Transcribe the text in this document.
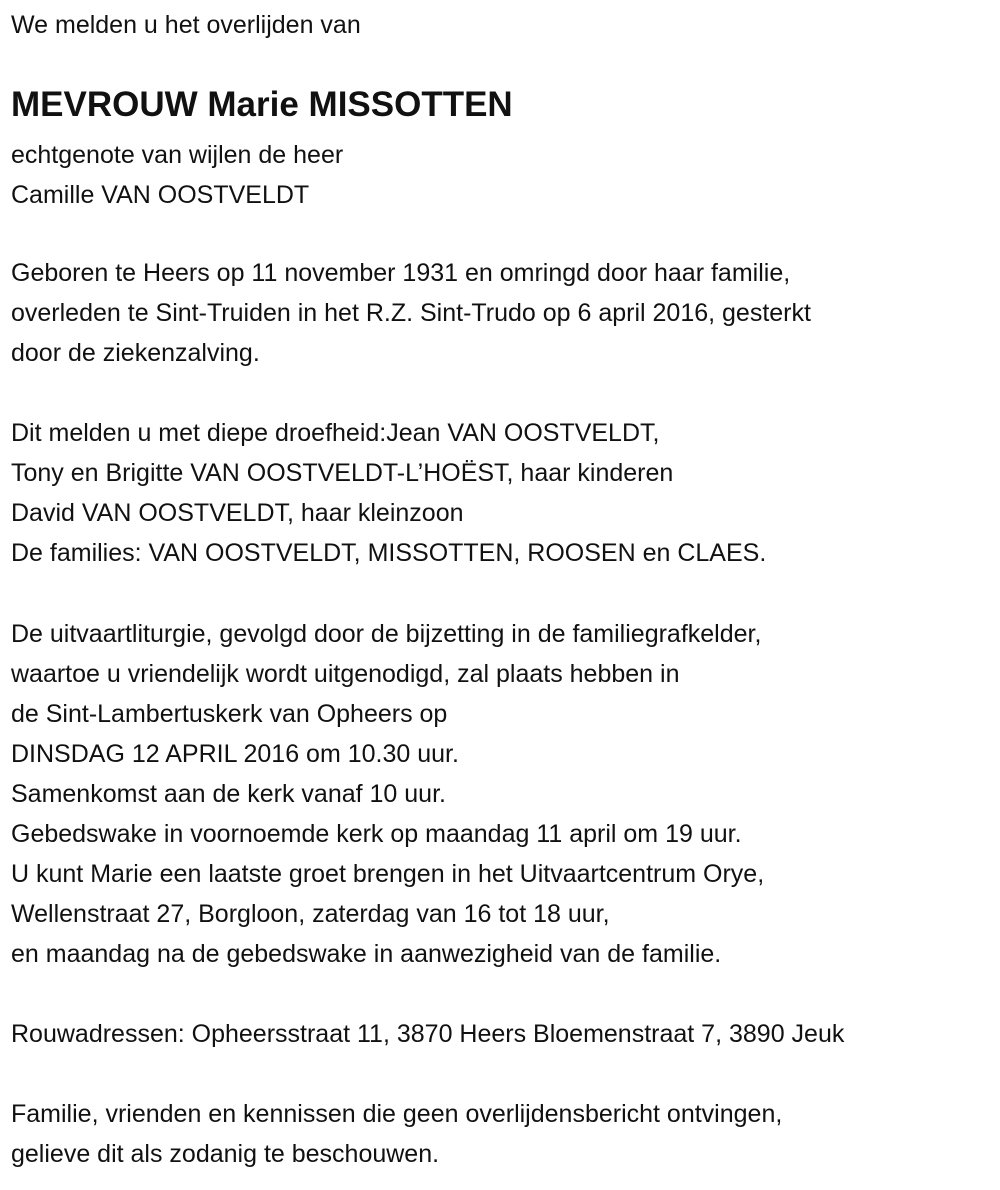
We melden u het overlijden van
MEVROUW Marie MISSOTTEN
echtgenote van wijlen de heer
Camille VAN OOSTVELDT
Geboren te Heers op 11 november 1931 en omringd door haar familie,
overleden te Sint-Truiden in het R.Z. Sint-Trudo op 6 april 2016, gesterkt
door de ziekenzalving.
Dit melden u met diepe droefheid:Jean VAN OOSTVELDT,
Tony en Brigitte VAN OOSTVELDT-L’HOËST, haar kinderen
David VAN OOSTVELDT, haar kleinzoon
De families: VAN OOSTVELDT, MISSOTTEN, ROOSEN en CLAES.
De uitvaartliturgie, gevolgd door de bijzetting in de familiegrafkelder,
waartoe u vriendelijk wordt uitgenodigd, zal plaats hebben in
de Sint-Lambertuskerk van Opheers op
DINSDAG 12 APRIL 2016 om 10.30 uur.
Samenkomst aan de kerk vanaf 10 uur.
Gebedswake in voornoemde kerk op maandag 11 april om 19 uur.
U kunt Marie een laatste groet brengen in het Uitvaartcentrum Orye,
Wellenstraat 27, Borgloon, zaterdag van 16 tot 18 uur,
en maandag na de gebedswake in aanwezigheid van de familie.
Rouwadressen: Opheersstraat 11, 3870 Heers Bloemenstraat 7, 3890 Jeuk
Familie, vrienden en kennissen die geen overlijdensbericht ontvingen,
gelieve dit als zodanig te beschouwen.
